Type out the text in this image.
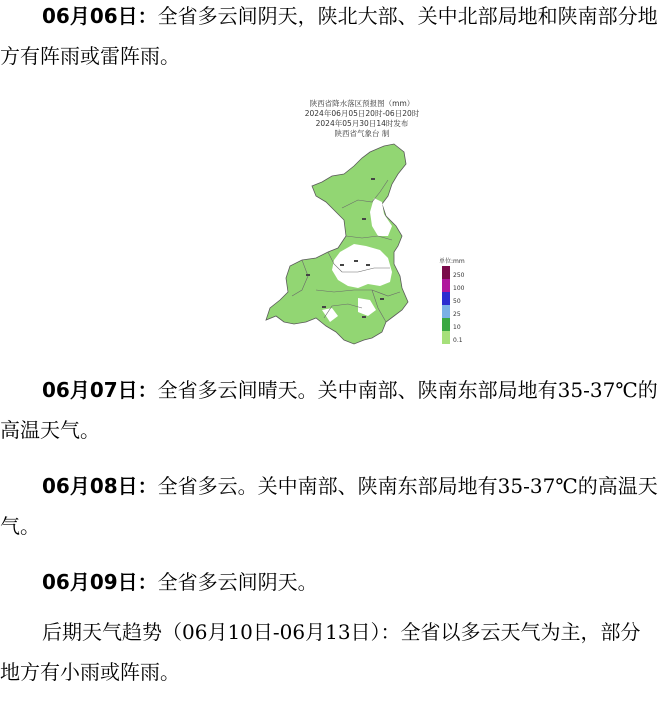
06月06日：全省多云间阴天，陕北大部、关中北部局地和陕南部分地方有阵雨或雷阵雨。

陕西省降水落区预报图（mm）
2024年06月05日20时-06日20时
2024年05月30日14时发布
陕西省气象台 制
单位:mm
250
100
50
25
10
0.1

06月07日：全省多云间晴天。关中南部、陕南东部局地有35-37℃的高温天气。

06月08日：全省多云。关中南部、陕南东部局地有35-37℃的高温天气。

06月09日：全省多云间阴天。

后期天气趋势（06月10日-06月13日）：全省以多云天气为主，部分地方有小雨或阵雨。
